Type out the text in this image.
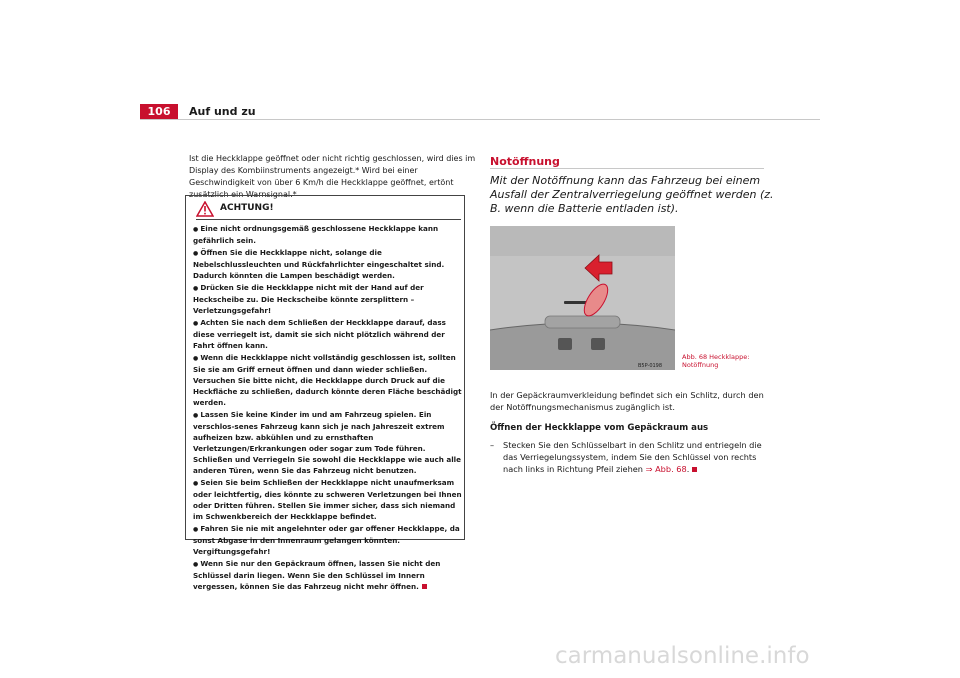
106	Auf und zu
Ist die Heckklappe geöffnet oder nicht richtig geschlossen, wird dies im Display des Kombiinstruments angezeigt.* Wird bei einer Geschwindigkeit von über 6 Km/h die Heckklappe geöffnet, ertönt zusätzlich ein Warnsignal.*
ACHTUNG!
● Eine nicht ordnungsgemäß geschlossene Heckklappe kann gefährlich sein.
● Öffnen Sie die Heckklappe nicht, solange die Nebelschlussleuchten und Rückfahrlichter eingeschaltet sind. Dadurch könnten die Lampen beschädigt werden.
● Drücken Sie die Heckklappe nicht mit der Hand auf der Heckscheibe zu. Die Heckscheibe könnte zersplittern – Verletzungsgefahr!
● Achten Sie nach dem Schließen der Heckklappe darauf, dass diese verriegelt ist, damit sie sich nicht plötzlich während der Fahrt öffnen kann.
● Wenn die Heckklappe nicht vollständig geschlossen ist, sollten Sie sie am Griff erneut öffnen und dann wieder schließen. Versuchen Sie bitte nicht, die Heckklappe durch Druck auf die Heckfläche zu schließen, dadurch könnte deren Fläche beschädigt werden.
● Lassen Sie keine Kinder im und am Fahrzeug spielen. Ein verschlos-senes Fahrzeug kann sich je nach Jahreszeit extrem aufheizen bzw. abkühlen und zu ernsthaften Verletzungen/Erkrankungen oder sogar zum Tode führen. Schließen und Verriegeln Sie sowohl die Heckklappe wie auch alle anderen Türen, wenn Sie das Fahrzeug nicht benutzen.
● Seien Sie beim Schließen der Heckklappe nicht unaufmerksam oder leichtfertig, dies könnte zu schweren Verletzungen bei Ihnen oder Dritten führen. Stellen Sie immer sicher, dass sich niemand im Schwenkbereich der Heckklappe befindet.
● Fahren Sie nie mit angelehnter oder gar offener Heckklappe, da sonst Abgase in den Innenraum gelangen könnten. Vergiftungsgefahr!
● Wenn Sie nur den Gepäckraum öffnen, lassen Sie nicht den Schlüssel darin liegen. Wenn Sie den Schlüssel im Innern vergessen, können Sie das Fahrzeug nicht mehr öffnen.
Notöffnung
Mit der Notöffnung kann das Fahrzeug bei einem Ausfall der Zentralverriegelung geöffnet werden (z. B. wenn die Batterie entladen ist).
B5P-0198
Abb. 68 Heckklappe:
Notöffnung
In der Gepäckraumverkleidung befindet sich ein Schlitz, durch den der Notöffnungsmechanismus zugänglich ist.
Öffnen der Heckklappe vom Gepäckraum aus
– Stecken Sie den Schlüsselbart in den Schlitz und entriegeln die das Verriegelungssystem, indem Sie den Schlüssel von rechts nach links in Richtung Pfeil ziehen ⇒ Abb. 68.
carmanualsonline.info
